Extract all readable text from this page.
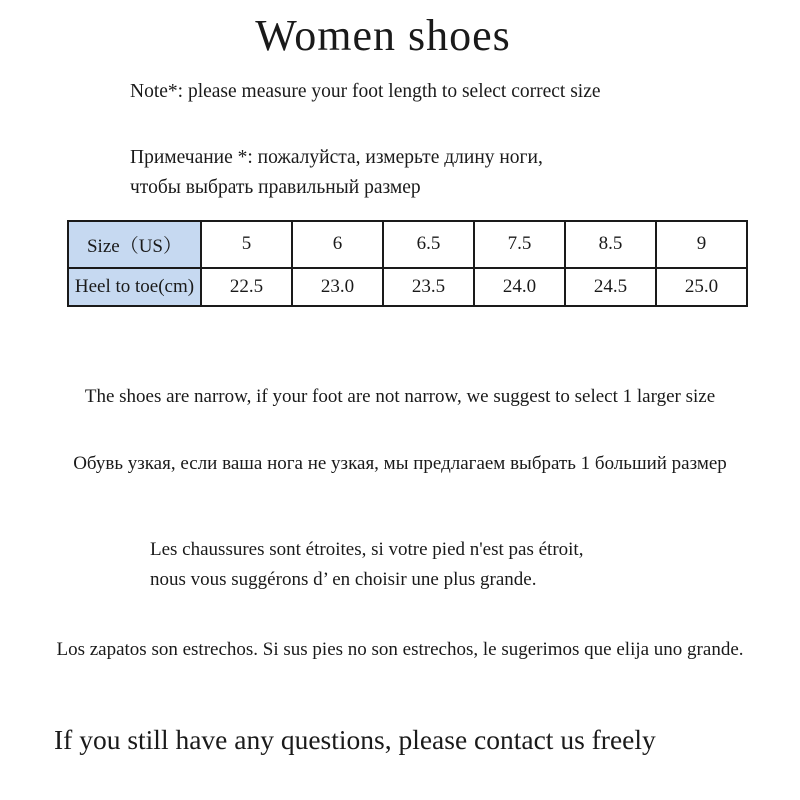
Women shoes
Note*: please measure your foot length to select correct size
Примечание *: пожалуйста, измерьте длину ноги,
чтобы выбрать правильный размер
Size（US）	5	6	6.5	7.5	8.5	9
Heel to toe(cm)	22.5	23.0	23.5	24.0	24.5	25.0
The shoes are narrow, if your foot are not narrow, we suggest to select 1 larger size
Обувь узкая, если ваша нога не узкая, мы предлагаем выбрать 1 больший размер
Les chaussures sont étroites, si votre pied n'est pas étroit,
nous vous suggérons d’ en choisir une plus grande.
Los zapatos son estrechos. Si sus pies no son estrechos, le sugerimos que elija uno grande.
If you still have any questions, please contact us freely
